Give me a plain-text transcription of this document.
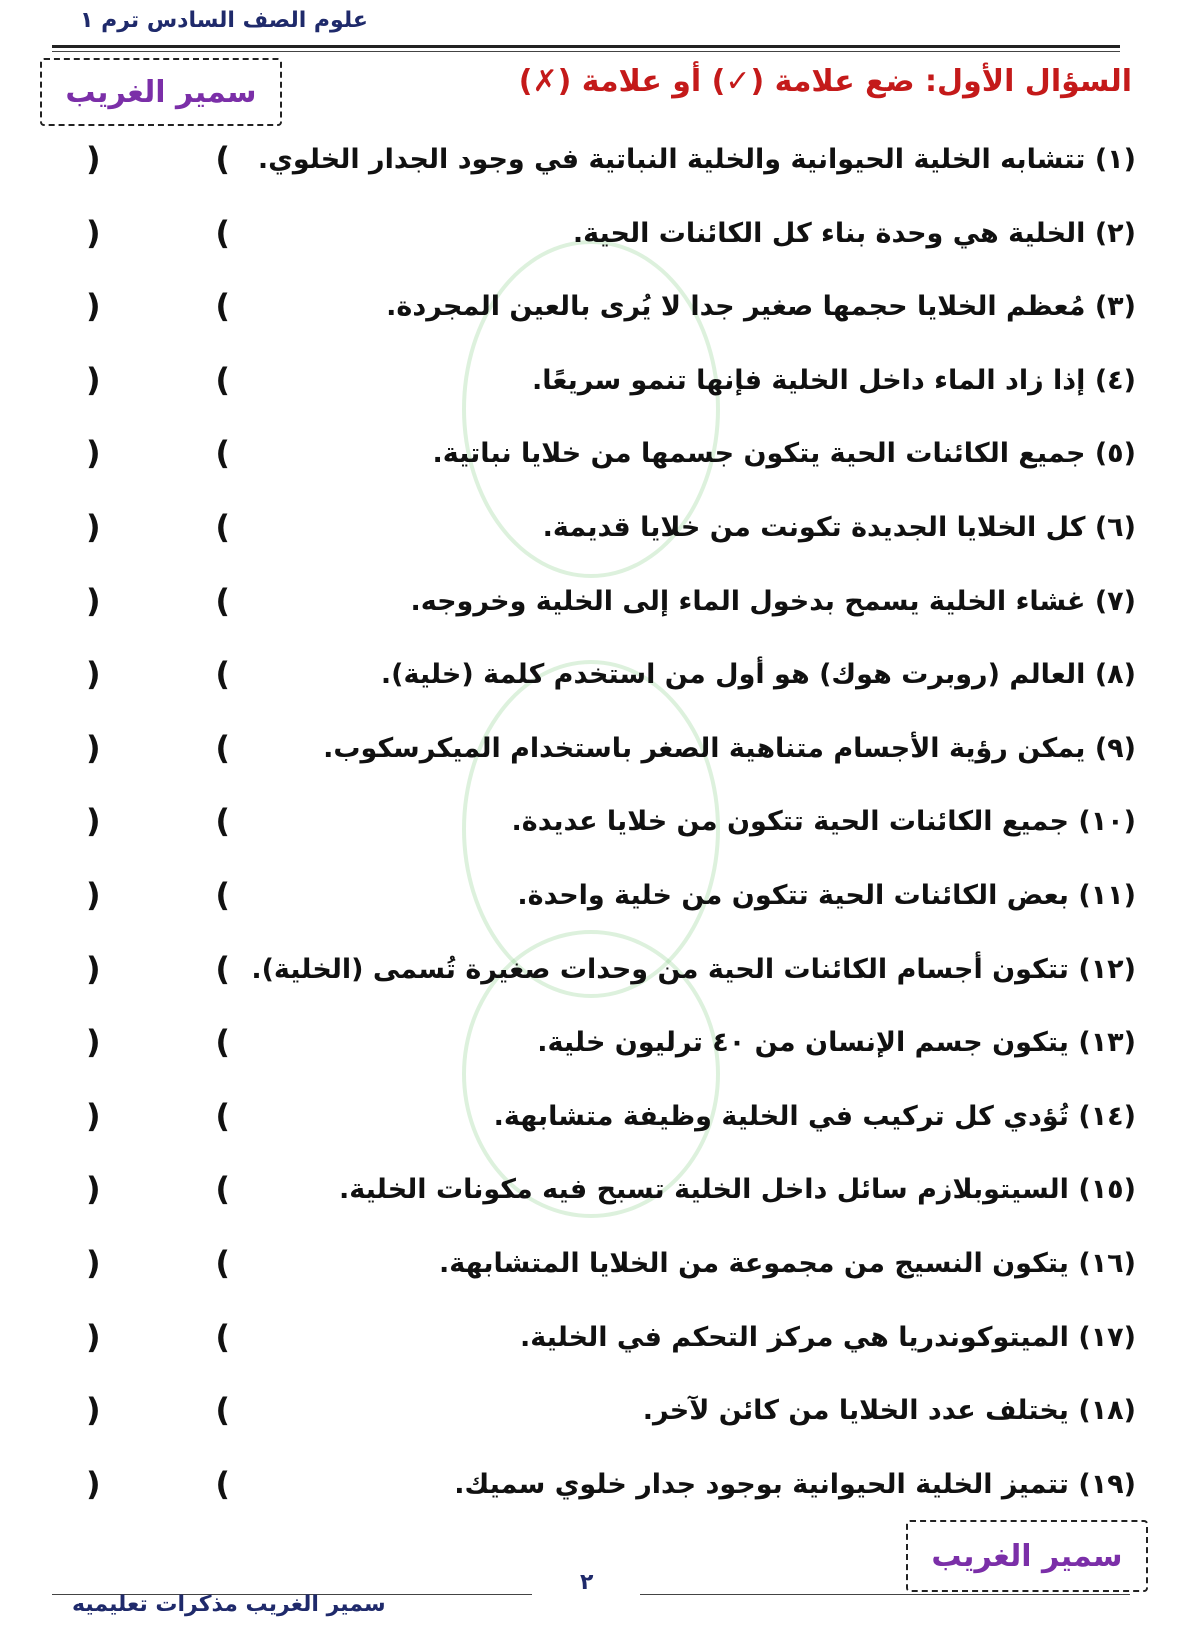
علوم الصف السادس ترم ١
سمير الغريب	السؤال الأول: ضع علامة (✓) أو علامة (✗)
(١) تتشابه الخلية الحيوانية والخلية النباتية في وجود الجدار الخلوي.
(
)
(٢) الخلية هي وحدة بناء كل الكائنات الحية.
(
)
(٣) مُعظم الخلايا حجمها صغير جدا لا يُرى بالعين المجردة.
(
)
(٤) إذا زاد الماء داخل الخلية فإنها تنمو سريعًا.
(
)
(٥) جميع الكائنات الحية يتكون جسمها من خلايا نباتية.
(
)
(٦) كل الخلايا الجديدة تكونت من خلايا قديمة.
(
)
(٧) غشاء الخلية يسمح بدخول الماء إلى الخلية وخروجه.
(
)
(٨) العالم (روبرت هوك) هو أول من استخدم كلمة (خلية).
(
)
(٩) يمكن رؤية الأجسام متناهية الصغر باستخدام الميكرسكوب.
(
)
(١٠) جميع الكائنات الحية تتكون من خلايا عديدة.
(
)
(١١) بعض الكائنات الحية تتكون من خلية واحدة.
(
)
(١٢) تتكون أجسام الكائنات الحية من وحدات صغيرة تُسمى (الخلية).
(
)
(١٣) يتكون جسم الإنسان من ٤٠ ترليون خلية.
(
)
(١٤) تُؤدي كل تركيب في الخلية وظيفة متشابهة.
(
)
(١٥) السيتوبلازم سائل داخل الخلية تسبح فيه مكونات الخلية.
(
)
(١٦) يتكون النسيج من مجموعة من الخلايا المتشابهة.
(
)
(١٧) الميتوكوندريا هي مركز التحكم في الخلية.
(
)
(١٨) يختلف عدد الخلايا من كائن لآخر.
(
)
(١٩) تتميز الخلية الحيوانية بوجود جدار خلوي سميك.
(
)
سمير الغريب
٢
سمير الغريب مذكرات تعليميه
